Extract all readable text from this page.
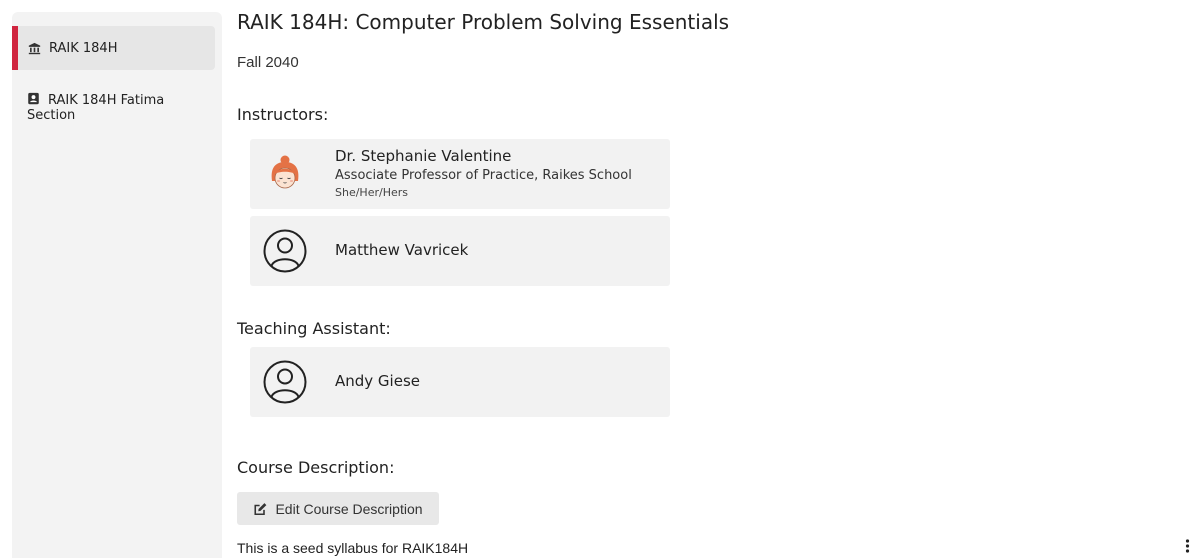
RAIK 184H
RAIK 184H Fatima Section
RAIK 184H: Computer Problem Solving Essentials
Fall 2040
Instructors:
Dr. Stephanie Valentine
Associate Professor of Practice, Raikes School
She/Her/Hers
Matthew Vavricek
Teaching Assistant:
Andy Giese
Course Description:
Edit Course Description
This is a seed syllabus for RAIK184H
